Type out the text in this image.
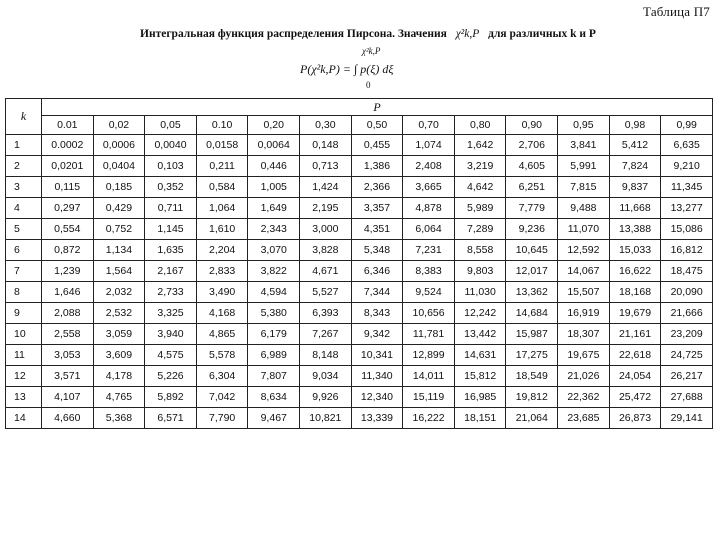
Таблица П7
Интегральная функция распределения Пирсона. Значения χ²k,P для различных k и P
χ²k,P
P(χ²k,P) = ∫ p(ξ) dξ
0
k	P												
	0.01	0,02	0,05	0.10	0,20	0,30	0,50	0,70	0,80	0,90	0,95	0,98	0,99
1	0.0002	0,0006	0,0040	0,0158	0,0064	0,148	0,455	1,074	1,642	2,706	3,841	5,412	6,635
2	0,0201	0,0404	0,103	0,211	0,446	0,713	1,386	2,408	3,219	4,605	5,991	7,824	9,210
3	0,115	0,185	0,352	0,584	1,005	1,424	2,366	3,665	4,642	6,251	7,815	9,837	11,345
4	0,297	0,429	0,711	1,064	1,649	2,195	3,357	4,878	5,989	7,779	9,488	11,668	13,277
5	0,554	0,752	1,145	1,610	2,343	3,000	4,351	6,064	7,289	9,236	11,070	13,388	15,086
6	0,872	1,134	1,635	2,204	3,070	3,828	5,348	7,231	8,558	10,645	12,592	15,033	16,812
7	1,239	1,564	2,167	2,833	3,822	4,671	6,346	8,383	9,803	12,017	14,067	16,622	18,475
8	1,646	2,032	2,733	3,490	4,594	5,527	7,344	9,524	11,030	13,362	15,507	18,168	20,090
9	2,088	2,532	3,325	4,168	5,380	6,393	8,343	10,656	12,242	14,684	16,919	19,679	21,666
10	2,558	3,059	3,940	4,865	6,179	7,267	9,342	11,781	13,442	15,987	18,307	21,161	23,209
11	3,053	3,609	4,575	5,578	6,989	8,148	10,341	12,899	14,631	17,275	19,675	22,618	24,725
12	3,571	4,178	5,226	6,304	7,807	9,034	11,340	14,011	15,812	18,549	21,026	24,054	26,217
13	4,107	4,765	5,892	7,042	8,634	9,926	12,340	15,119	16,985	19,812	22,362	25,472	27,688
14	4,660	5,368	6,571	7,790	9,467	10,821	13,339	16,222	18,151	21,064	23,685	26,873	29,141
